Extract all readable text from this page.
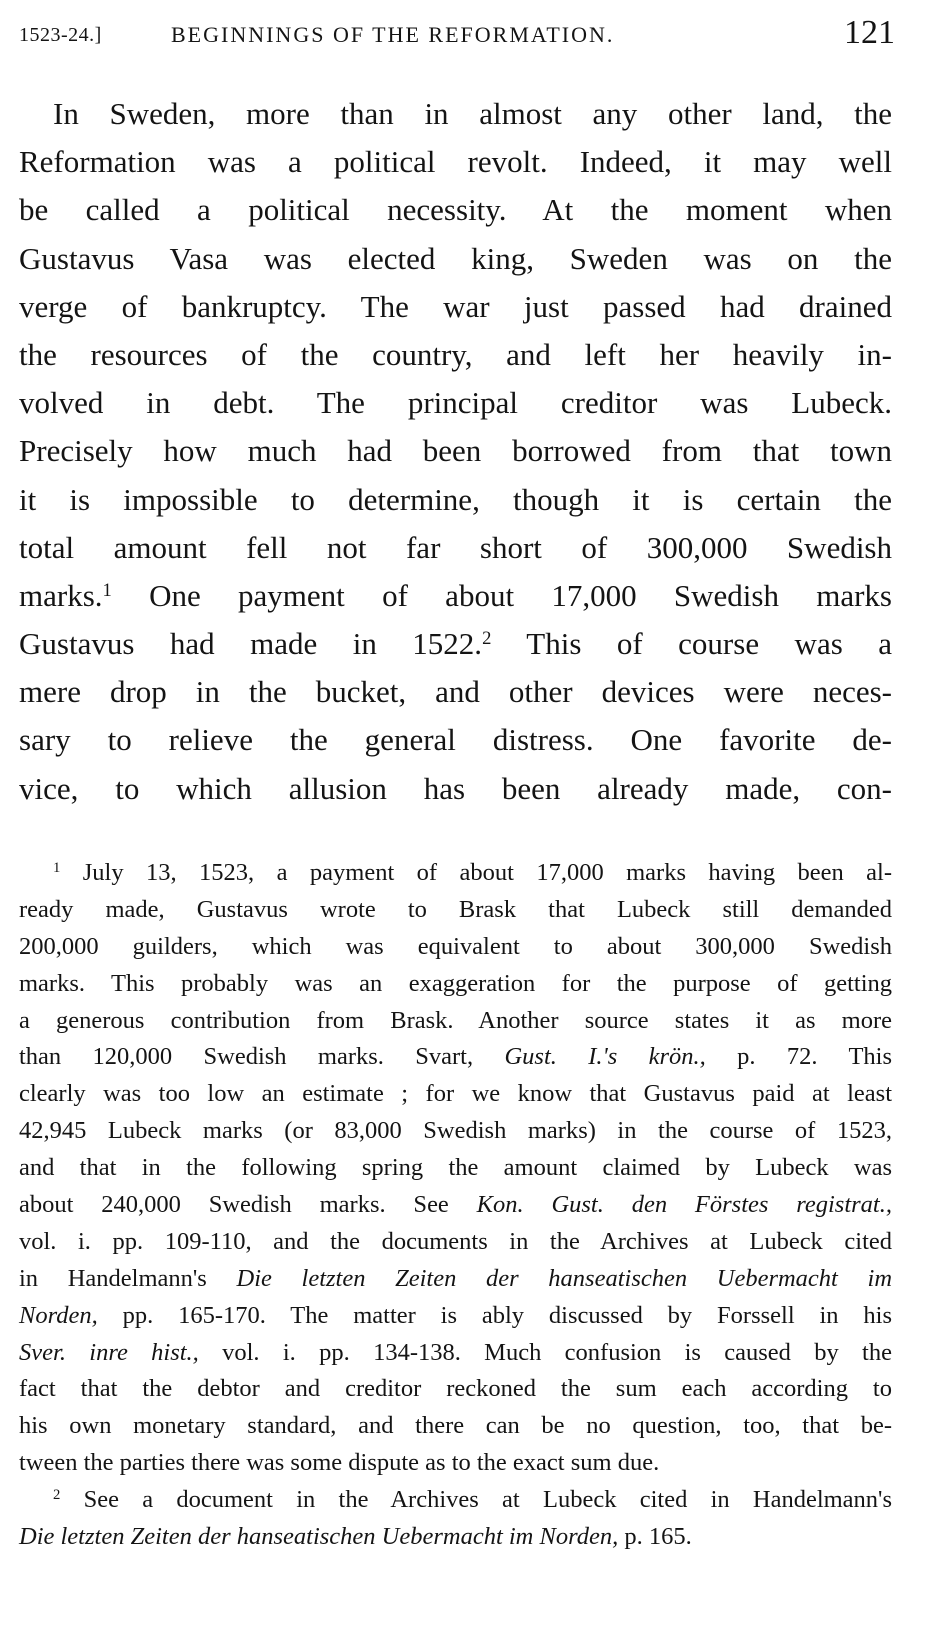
1523-24.]	BEGINNINGS OF THE REFORMATION.	121
In Sweden, more than in almost any other land, the
Reformation was a political revolt. Indeed, it may well
be called a political necessity. At the moment when
Gustavus Vasa was elected king, Sweden was on the
verge of bankruptcy. The war just passed had drained
the resources of the country, and left her heavily in-
volved in debt. The principal creditor was Lubeck.
Precisely how much had been borrowed from that town
it is impossible to determine, though it is certain the
total amount fell not far short of 300,000 Swedish
marks.$^1$ One payment of about 17,000 Swedish marks
Gustavus had made in 1522.$^2$ This of course was a
mere drop in the bucket, and other devices were neces-
sary to relieve the general distress. One favorite de-
vice, to which allusion has been already made, con-
$^1$ July 13, 1523, a payment of about 17,000 marks having been al-
ready made, Gustavus wrote to Brask that Lubeck still demanded
200,000 guilders, which was equivalent to about 300,000 Swedish
marks. This probably was an exaggeration for the purpose of getting
a generous contribution from Brask. Another source states it as more
than 120,000 Swedish marks. Svart, Gust. I.'s krön., p. 72. This
clearly was too low an estimate ; for we know that Gustavus paid at least
42,945 Lubeck marks (or 83,000 Swedish marks) in the course of 1523,
and that in the following spring the amount claimed by Lubeck was
about 240,000 Swedish marks. See Kon. Gust. den Förstes registrat.,
vol. i. pp. 109-110, and the documents in the Archives at Lubeck cited
in Handelmann's Die letzten Zeiten der hanseatischen Uebermacht im
Norden, pp. 165-170. The matter is ably discussed by Forssell in his
Sver. inre hist., vol. i. pp. 134-138. Much confusion is caused by the
fact that the debtor and creditor reckoned the sum each according to
his own monetary standard, and there can be no question, too, that be-
tween the parties there was some dispute as to the exact sum due.
$^2$ See a document in the Archives at Lubeck cited in Handelmann's
Die letzten Zeiten der hanseatischen Uebermacht im Norden, p. 165.
